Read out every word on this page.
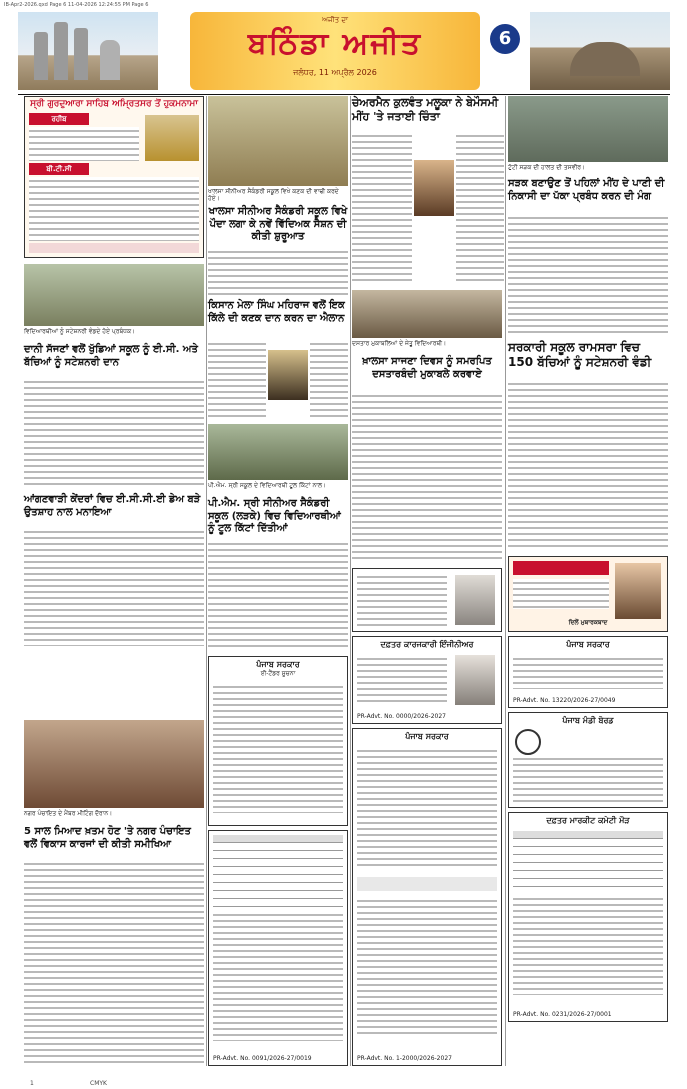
IB-Apr2-2026.qxd Page 6 11-04-2026 12:24:55 PM Page 6
ਅਜੀਤ ਦਾ
ਬਠਿੰਡਾ ਅਜੀਤ
ਜਲੰਧਰ, 11 ਅਪ੍ਰੈਲ 2026
6
ਸ੍ਰੀ ਗੁਰਦੁਆਰਾ ਸਾਹਿਬ ਅਮ੍ਰਿਤਸਰ ਤੋਂ ਹੁਕਮਨਾਮਾ
ਰਹੀਬ
ਬੀ.ਟੀ.ਸੀ
ਖਾਲਸਾ ਸੀਨੀਅਰ ਸੈਕੰਡਰੀ ਸਕੂਲ ਵਿਖੇ ਕਣਕ ਦੀ ਵਾਢੀ ਕਰਦੇ ਹੋਏ।
ਖਾਲਸਾ ਸੀਨੀਅਰ ਸੈਕੰਡਰੀ ਸਕੂਲ ਵਿਖੇ ਪੌਦਾ ਲਗਾ ਕੇ ਨਵੇਂ ਵਿੱਦਿਅਕ ਸੈਸ਼ਨ ਦੀ ਕੀਤੀ ਸ਼ੁਰੂਆਤ
ਚੇਅਰਮੈਨ ਕੁਲਵੰਤ ਮਲੂਕਾ ਨੇ ਬੇਮੌਸਮੀ ਮੀਂਹ 'ਤੇ ਜਤਾਈ ਚਿੰਤਾ
ਟੁੱਟੀ ਸੜਕ ਦੀ ਹਾਲਤ ਦੀ ਤਸਵੀਰ।
ਸੜਕ ਬਣਾਉਣ ਤੋਂ ਪਹਿਲਾਂ ਮੀਂਹ ਦੇ ਪਾਣੀ ਦੀ ਨਿਕਾਸੀ ਦਾ ਪੱਕਾ ਪ੍ਰਬੰਧ ਕਰਨ ਦੀ ਮੰਗ
ਵਿਦਿਆਰਥੀਆਂ ਨੂੰ ਸਟੇਸ਼ਨਰੀ ਵੰਡਦੇ ਹੋਏ ਪ੍ਰਬੰਧਕ।
ਕਿਸਾਨ ਮੇਲਾ ਸਿੰਘ ਮਹਿਰਾਜ ਵਲੋਂ ਇਕ ਕਿੱਲੇ ਦੀ ਕਣਕ ਦਾਨ ਕਰਨ ਦਾ ਐਲਾਨ
ਦਾਨੀ ਸੱਜਣਾਂ ਵਲੋਂ ਖੁੱਡਿਆਂ ਸਕੂਲ ਨੂੰ ਈ.ਸੀ. ਅਤੇ ਬੱਚਿਆਂ ਨੂੰ ਸਟੇਸ਼ਨਰੀ ਦਾਨ
ਦਸਤਾਰ ਮੁਕਾਬਲਿਆਂ ਦੇ ਜੇਤੂ ਵਿਦਿਆਰਥੀ।
ਖ਼ਾਲਸਾ ਸਾਜਣਾ ਦਿਵਸ ਨੂੰ ਸਮਰਪਿਤ ਦਸਤਾਰਬੰਦੀ ਮੁਕਾਬਲੇ ਕਰਵਾਏ
ਸਰਕਾਰੀ ਸਕੂਲ ਰਾਮਸਰਾ ਵਿਚ 150 ਬੱਚਿਆਂ ਨੂੰ ਸਟੇਸ਼ਨਰੀ ਵੰਡੀ
ਆਂਗਣਵਾੜੀ ਕੇਂਦਰਾਂ ਵਿਚ ਈ.ਸੀ.ਸੀ.ਈ ਡੇਅ ਬੜੇ ਉਤਸ਼ਾਹ ਨਾਲ ਮਨਾਇਆ
ਪੀ.ਐਮ. ਸ੍ਰੀ ਸਕੂਲ ਦੇ ਵਿਦਿਆਰਥੀ ਟੂਲ ਕਿੱਟਾਂ ਨਾਲ।
ਪੀ.ਐਮ. ਸ੍ਰੀ ਸੀਨੀਅਰ ਸੈਕੰਡਰੀ ਸਕੂਲ (ਲੜਕੇ) ਵਿਚ ਵਿਦਿਆਰਥੀਆਂ ਨੂੰ ਟੂਲ ਕਿੱਟਾਂ ਦਿੱਤੀਆਂ
ਦਿਲੋਂ ਮੁਬਾਰਕਬਾਦ
ਦਫ਼ਤਰ ਕਾਰਜਕਾਰੀ ਇੰਜੀਨੀਅਰ
PR-Advt. No. 0000/2026-2027
ਪੰਜਾਬ ਸਰਕਾਰ
PR-Advt. No. 13220/2026-27/0049
ਪੰਜਾਬ ਮੰਡੀ ਬੋਰਡ
ਦਫ਼ਤਰ ਮਾਰਕੀਟ ਕਮੇਟੀ ਮੌੜ
PR-Advt. No. 0231/2026-27/0001
ਨਗਰ ਪੰਚਾਇਤ ਦੇ ਮੈਂਬਰ ਮੀਟਿੰਗ ਦੌਰਾਨ।
5 ਸਾਲ ਮਿਆਦ ਖ਼ਤਮ ਹੋਣ 'ਤੇ ਨਗਰ ਪੰਚਾਇਤ ਵਲੋਂ ਵਿਕਾਸ ਕਾਰਜਾਂ ਦੀ ਕੀਤੀ ਸਮੀਖਿਆ
ਪੰਜਾਬ ਸਰਕਾਰ
ਈ-ਟੈਂਡਰ ਸੂਚਨਾ
PR-Advt. No. 0091/2026-27/0019
ਪੰਜਾਬ ਸਰਕਾਰ
PR-Advt. No. 1-2000/2026-2027
1	CMYK
